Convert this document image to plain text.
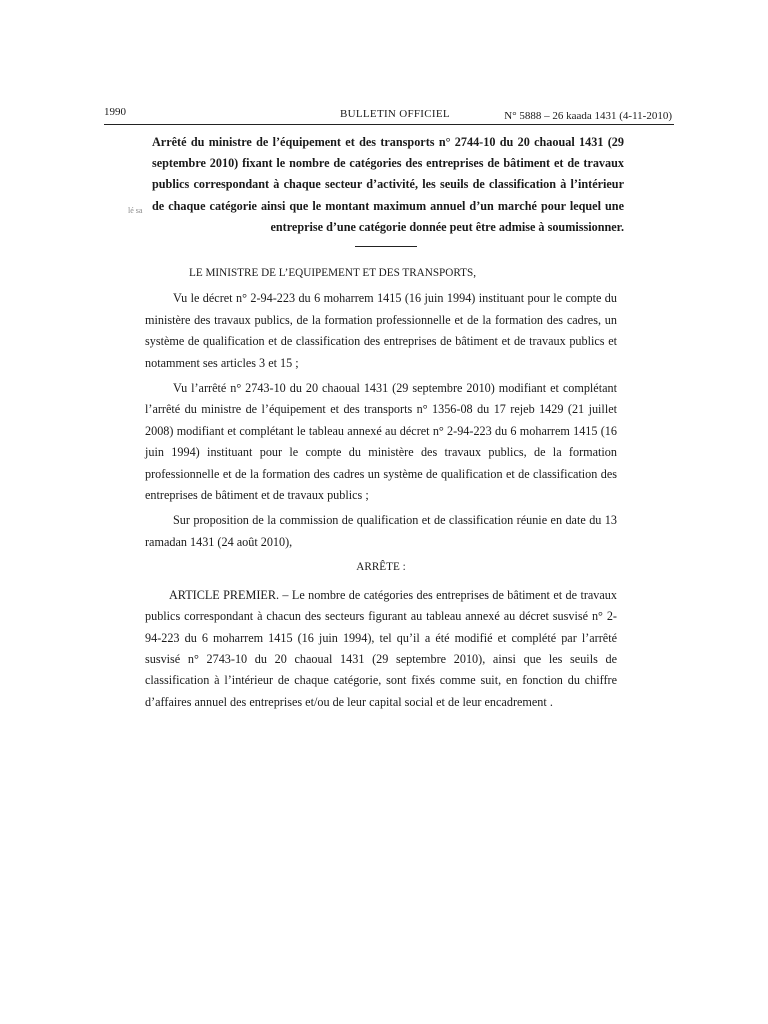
1990	BULLETIN OFFICIEL	N° 5888 – 26 kaada 1431 (4-11-2010)
Arrêté du ministre de l’équipement et des transports n° 2744-10 du 20 chaoual 1431 (29 septembre 2010) fixant le nombre de catégories des entreprises de bâtiment et de travaux publics correspondant à chaque secteur d’activité, les seuils de classification à l’intérieur de chaque catégorie ainsi que le montant maximum annuel d’un marché pour lequel une entreprise d’une catégorie donnée peut être admise à soumissionner.
lé sa

LE MINISTRE DE L’EQUIPEMENT ET DES TRANSPORTS,

Vu le décret n° 2-94-223 du 6 moharrem 1415 (16 juin 1994) instituant pour le compte du ministère des travaux publics, de la formation professionnelle et de la formation des cadres, un système de qualification et de classification des entreprises de bâtiment et de travaux publics et notamment ses articles 3 et 15 ;

Vu l’arrêté n° 2743-10 du 20 chaoual 1431 (29 septembre 2010) modifiant et complétant l’arrêté du ministre de l’équipement et des transports n° 1356-08 du 17 rejeb 1429 (21 juillet 2008) modifiant et complétant le tableau annexé au décret n° 2-94-223 du 6 moharrem 1415 (16 juin 1994) instituant pour le compte du ministère des travaux publics, de la formation professionnelle et de la formation des cadres un système de qualification et de classification des entreprises de bâtiment et de travaux publics ;

Sur proposition de la commission de qualification et de classification réunie en date du 13 ramadan 1431 (24 août 2010),

ARRÊTE :

ARTICLE PREMIER. – Le nombre de catégories des entreprises de bâtiment et de travaux publics correspondant à chacun des secteurs figurant au tableau annexé au décret susvisé n° 2-94-223 du 6 moharrem 1415 (16 juin 1994), tel qu’il a été modifié et complété par l’arrêté susvisé n° 2743-10 du 20 chaoual 1431 (29 septembre 2010), ainsi que les seuils de classification à l’intérieur de chaque catégorie, sont fixés comme suit, en fonction du chiffre d’affaires annuel des entreprises et/ou de leur capital social et de leur encadrement .
